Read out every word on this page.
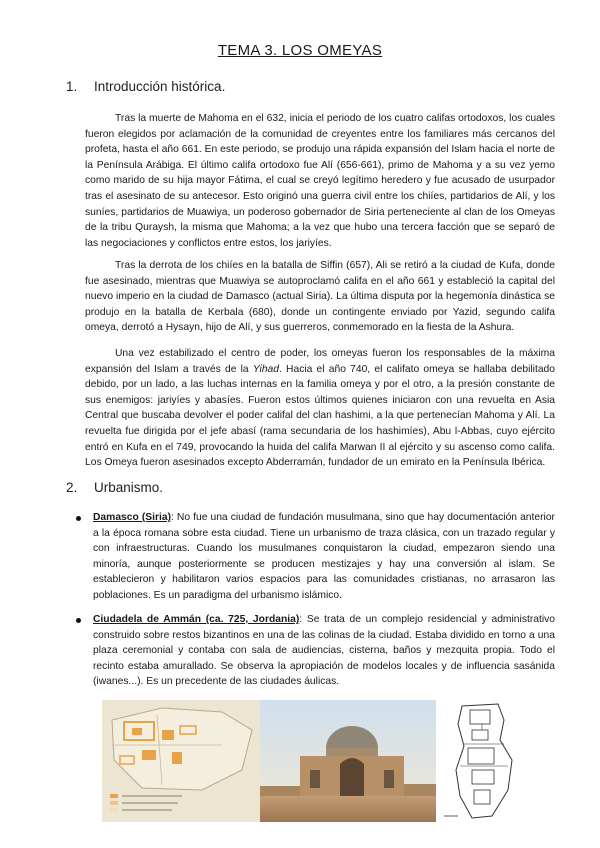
TEMA 3. LOS OMEYAS
1. Introducción histórica.

Tras la muerte de Mahoma en el 632, inicia el periodo de los cuatro califas ortodoxos, los cuales fueron elegidos por aclamación de la comunidad de creyentes entre los familiares más cercanos del profeta, hasta el año 661. En este periodo, se produjo una rápida expansión del Islam hacia el norte de la Península Arábiga. El último califa ortodoxo fue Alí (656-661), primo de Mahoma y a su vez yerno como marido de su hija mayor Fátima, el cual se creyó legítimo heredero y fue acusado de usurpador tras el asesinato de su antecesor. Esto originó una guerra civil entre los chiíes, partidarios de Alí, y los suníes, partidarios de Muawiya, un poderoso gobernador de Siria perteneciente al clan de los Omeyas de la tribu Quraysh, la misma que Mahoma; a la vez que hubo una tercera facción que se separó de las negociaciones y conflictos entre estos, los jariyíes.

Tras la derrota de los chiíes en la batalla de Siffin (657), Ali se retiró a la ciudad de Kufa, donde fue asesinado, mientras que Muawiya se autoproclamó califa en el año 661 y estableció la capital del nuevo imperio en la ciudad de Damasco (actual Siria). La última disputa por la hegemonía dinástica se produjo en la batalla de Kerbala (680), donde un contingente enviado por Yazid, segundo califa omeya, derrotó a Hysayn, hijo de Alí, y sus guerreros, conmemorado en la fiesta de la Ashura.

Una vez estabilizado el centro de poder, los omeyas fueron los responsables de la máxima expansión del Islam a través de la Yihad. Hacia el año 740, el califato omeya se hallaba debilitado debido, por un lado, a las luchas internas en la familia omeya y por el otro, a la presión constante de sus enemigos: jariyíes y abasíes. Fueron estos últimos quienes iniciaron con una revuelta en Asia Central que buscaba devolver el poder califal del clan hashimi, a la que pertenecían Mahoma y Alí. La revuelta fue dirigida por el jefe abasí (rama secundaria de los hashimíes), Abu l-Abbas, cuyo ejército entró en Kufa en el 749, provocando la huida del califa Marwan II al ejército y su ascenso como califa. Los Omeya fueron asesinados excepto Abderramán, fundador de un emirato en la Península Ibérica.

2. Urbanismo.

Damasco (Siria): No fue una ciudad de fundación musulmana, sino que hay documentación anterior a la época romana sobre esta ciudad. Tiene un urbanismo de traza clásica, con un trazado regular y con infraestructuras. Cuando los musulmanes conquistaron la ciudad, empezaron siendo una minoría, aunque posteriormente se producen mestizajes y hay una conversión al islam. Se establecieron y habilitaron varios espacios para las comunidades cristianas, no arrasaron las poblaciones. Es un paradigma del urbanismo islámico.

Ciudadela de Ammán (ca. 725, Jordania): Se trata de un complejo residencial y administrativo construido sobre restos bizantinos en una de las colinas de la ciudad. Estaba dividido en torno a una plaza ceremonial y contaba con sala de audiencias, cisterna, baños y mezquita propia. Todo el recinto estaba amurallado. Se observa la apropiación de modelos locales y de influencia sasánida (iwanes...). Es un precedente de las ciudades áulicas.
